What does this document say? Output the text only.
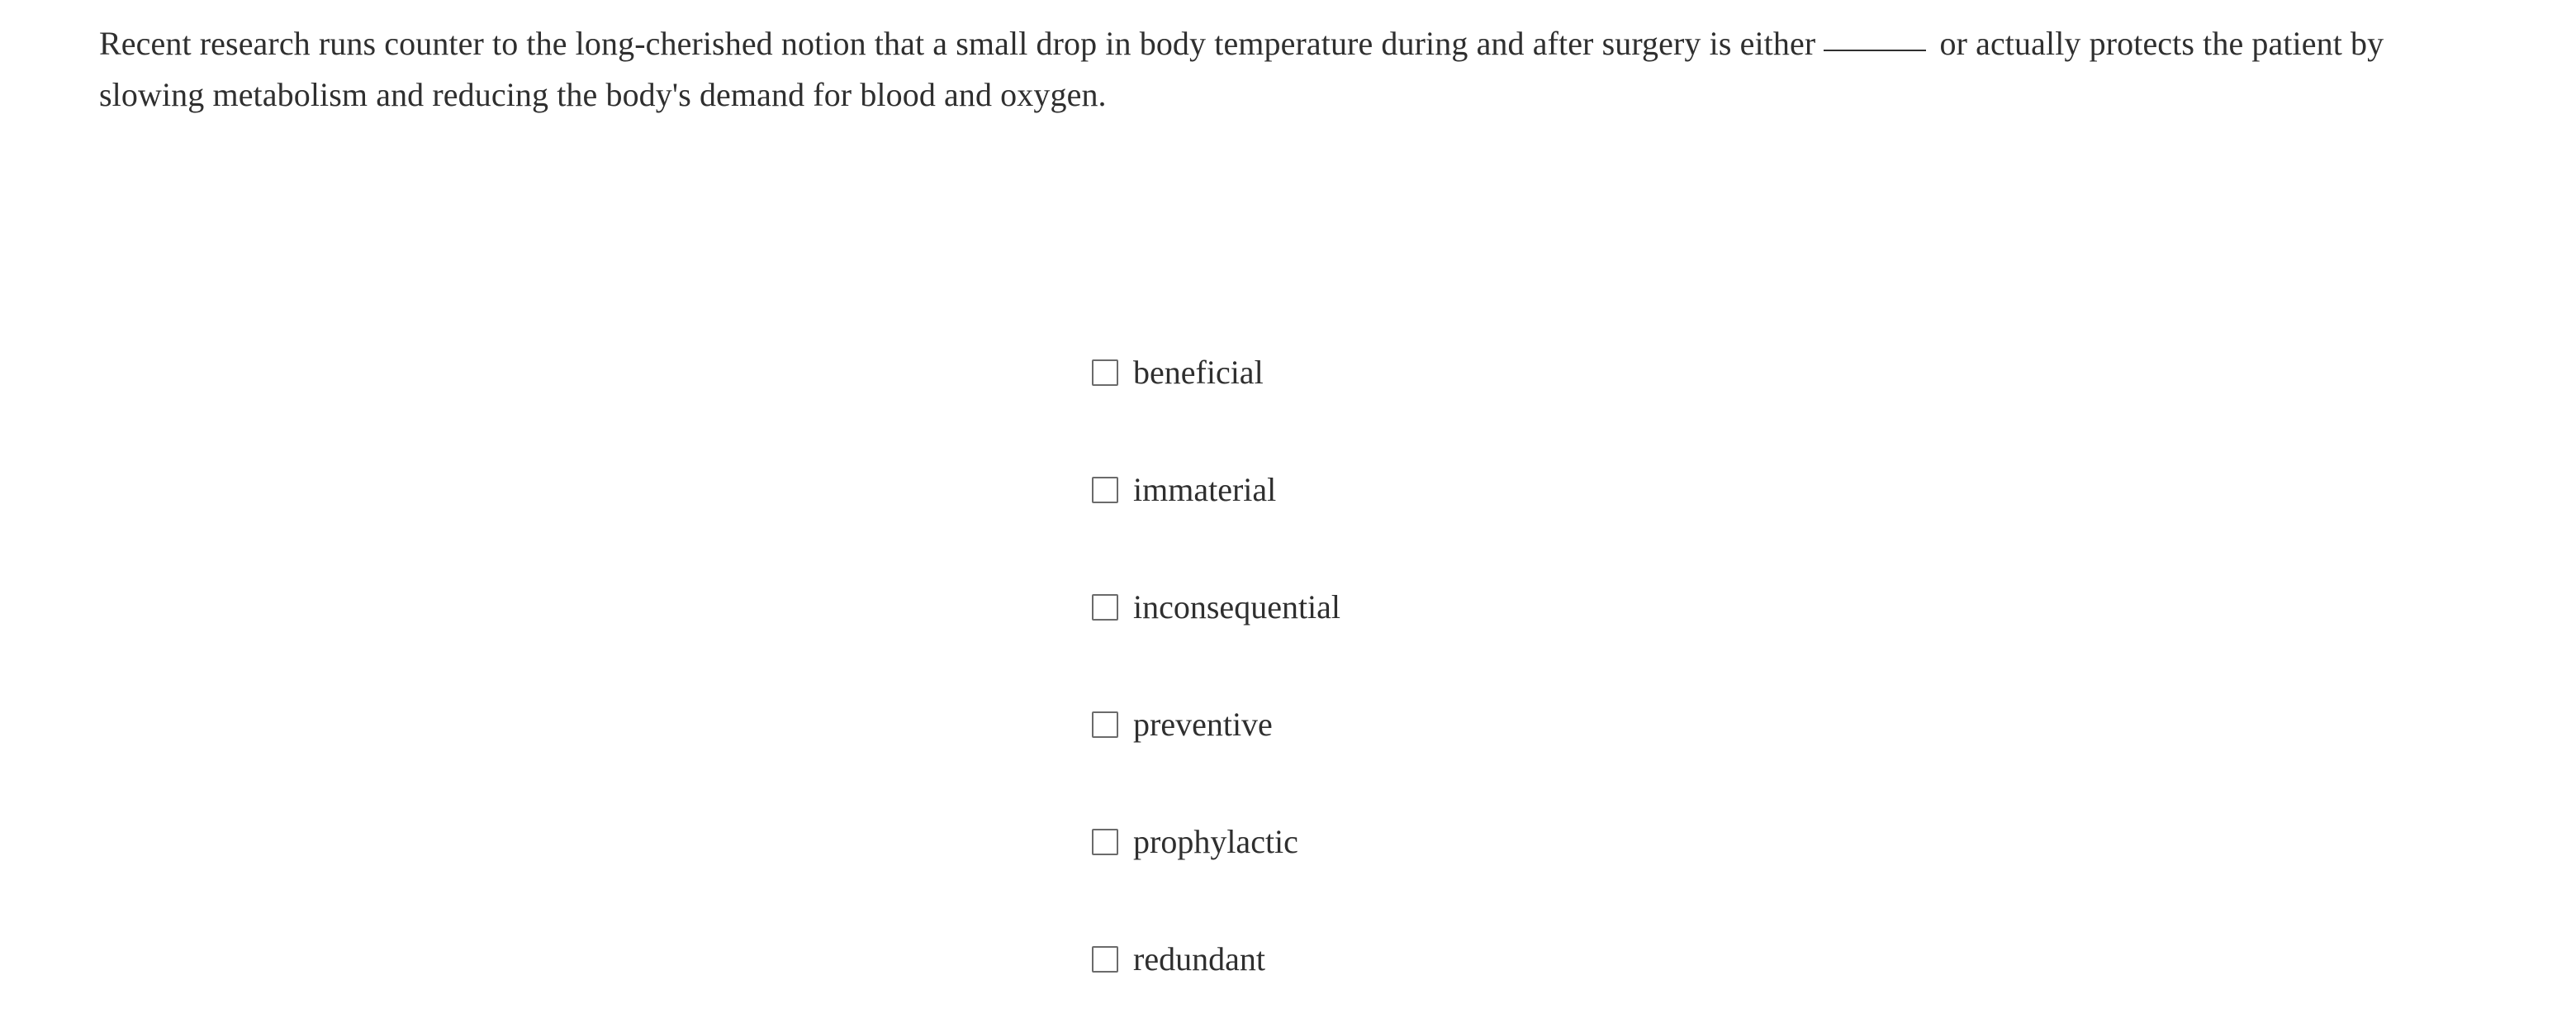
Recent research runs counter to the long-cherished notion that a small drop in body temperature during and after surgery is either	or actually protects the patient by slowing metabolism and reducing the body's demand for blood and oxygen.
beneficial
immaterial
inconsequential
preventive
prophylactic
redundant
